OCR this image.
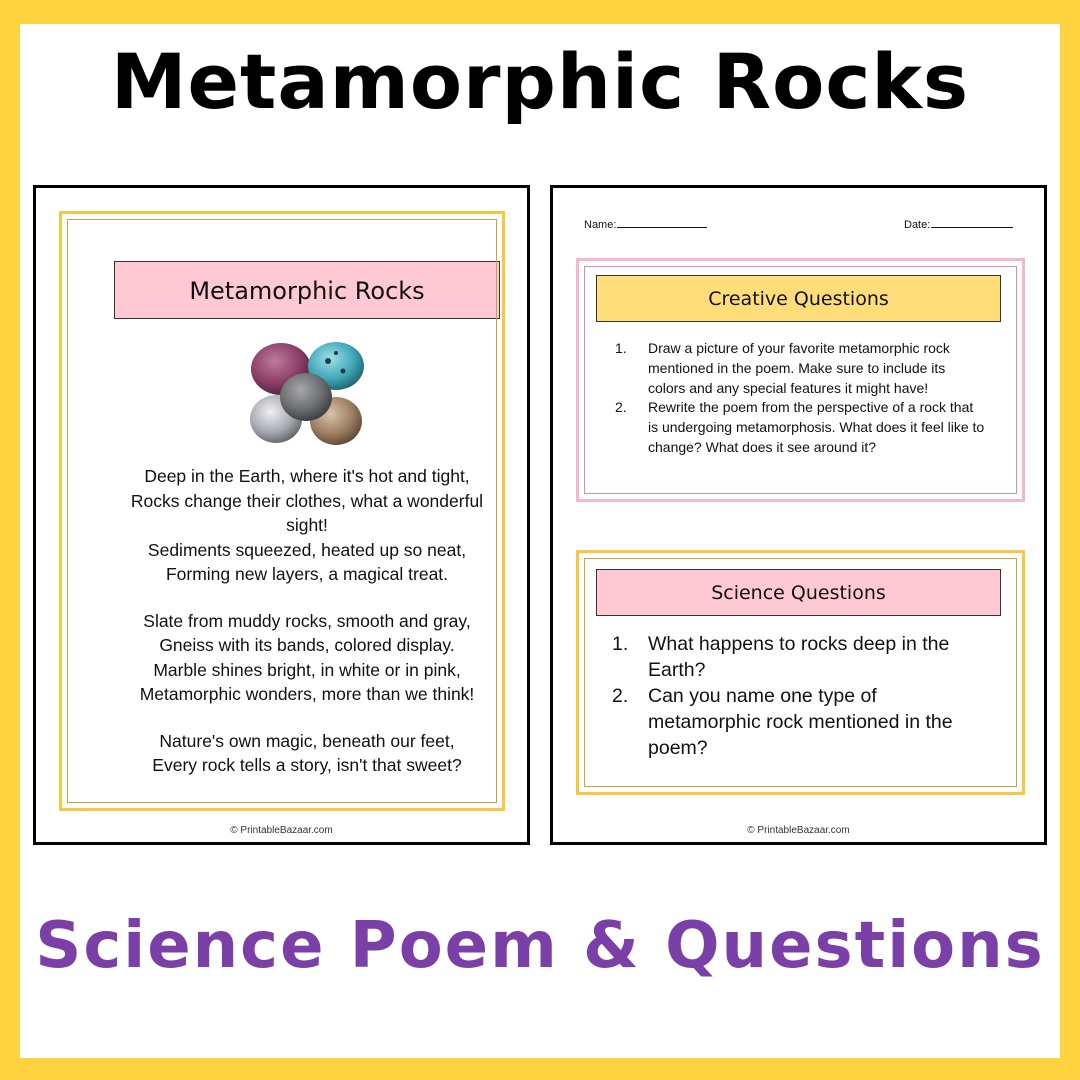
Metamorphic Rocks
Metamorphic Rocks
Deep in the Earth, where it's hot and tight,
Rocks change their clothes, what a wonderful
sight!
Sediments squeezed, heated up so neat,
Forming new layers, a magical treat.
Slate from muddy rocks, smooth and gray,
Gneiss with its bands, colored display.
Marble shines bright, in white or in pink,
Metamorphic wonders, more than we think!
Nature's own magic, beneath our feet,
Every rock tells a story, isn't that sweet?
© PrintableBazaar.com
Name:	Date:
Creative Questions
1. Draw a picture of your favorite metamorphic rock mentioned in the poem. Make sure to include its colors and any special features it might have!
2. Rewrite the poem from the perspective of a rock that is undergoing metamorphosis. What does it feel like to change? What does it see around it?
Science Questions
1. What happens to rocks deep in the Earth?
2. Can you name one type of metamorphic rock mentioned in the poem?
© PrintableBazaar.com
Science Poem & Questions
